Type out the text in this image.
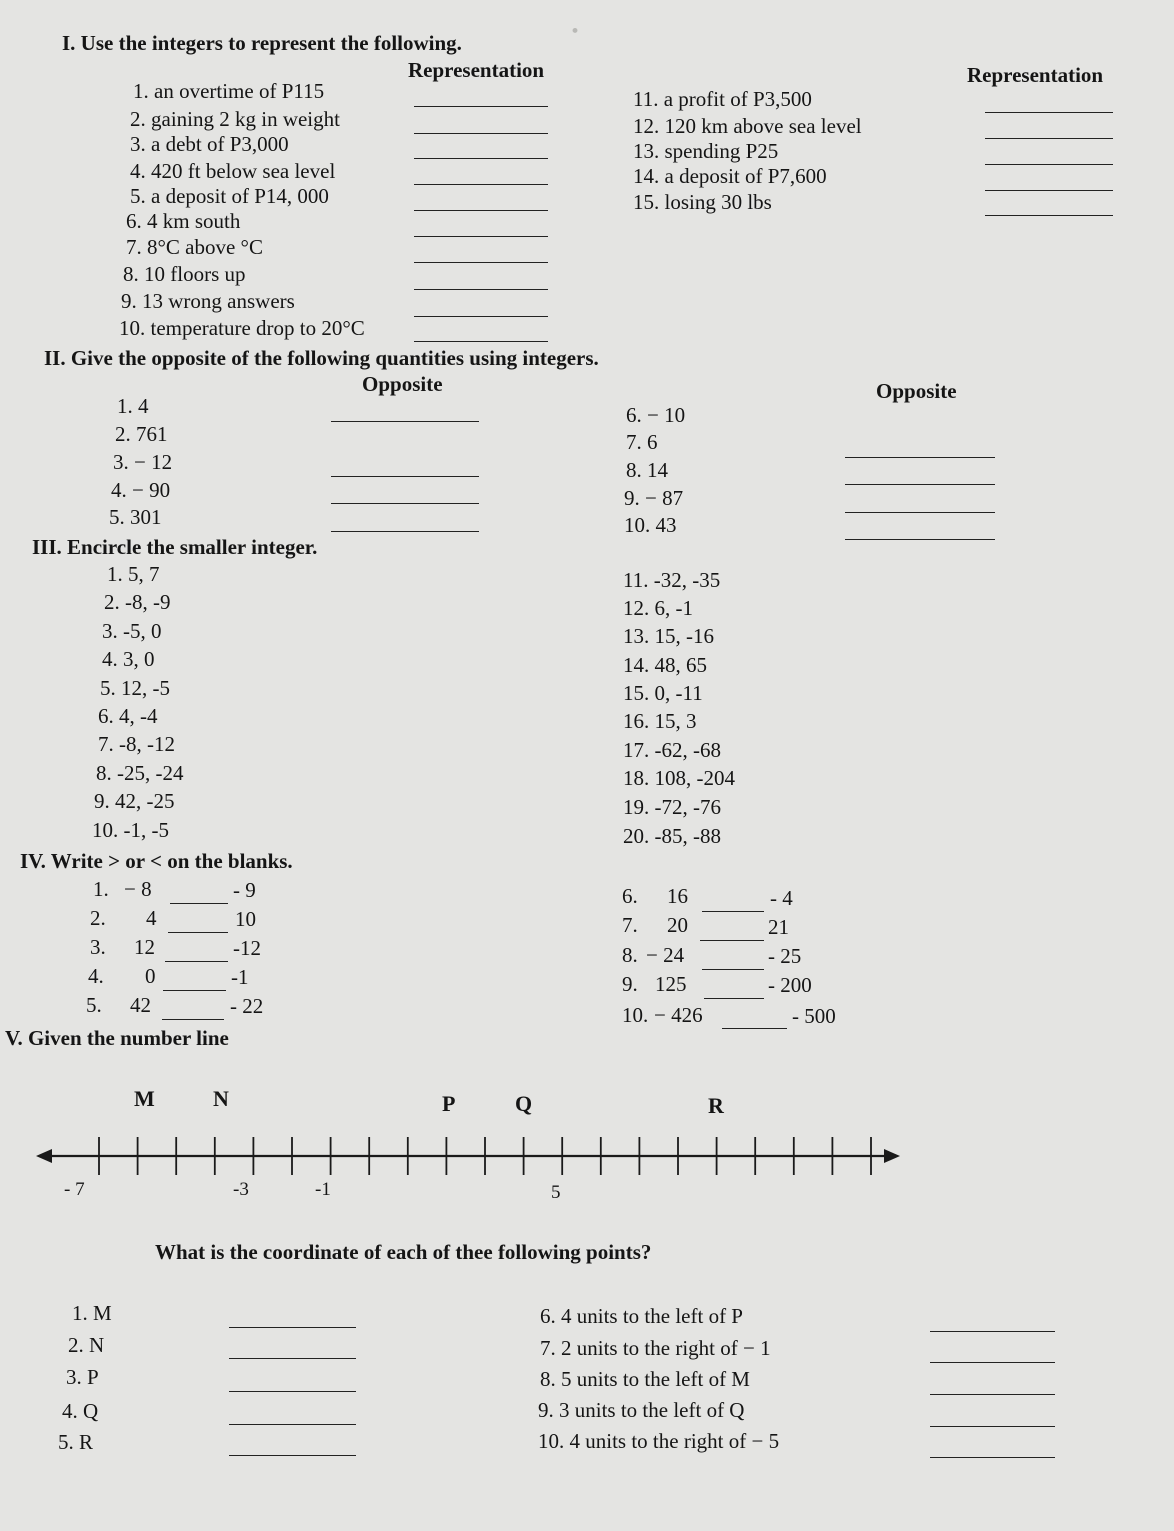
•
I. Use the integers to represent the following.
Representation	Representation
1. an overtime of P115
2. gaining 2 kg in weight
3. a debt of P3,000
4. 420 ft below sea level
5. a deposit of P14, 000
6. 4 km south
7. 8°C above °C
8. 10 floors up
9. 13 wrong answers
10. temperature drop to 20°C
11. a profit of P3,500
12. 120 km above sea level
13. spending P25
14. a deposit of P7,600
15. losing 30 lbs
II. Give the opposite of the following quantities using integers.
Opposite	Opposite
1. 4
2. 761
3. − 12
4. − 90
5. 301
6. − 10
7. 6
8. 14
9. − 87
10. 43
III. Encircle the smaller integer.
1. 5, 7
2. -8, -9
3. -5, 0
4. 3, 0
5. 12, -5
6. 4, -4
7. -8, -12
8. -25, -24
9. 42, -25
10. -1, -5
11. -32, -35
12. 6, -1
13. 15, -16
14. 48, 65
15. 0, -11
16. 15, 3
17. -62, -68
18. 108, -204
19. -72, -76
20. -85, -88
IV. Write > or < on the blanks.
1. − 8	- 9
2. 4	10
3. 12	-12
4. 0	-1
5. 42	- 22
6. 16	- 4
7. 20	21
8. − 24	- 25
9. 125	- 200
10. − 426	- 500
V. Given the number line
M	N	P	Q	R
- 7	-3	-1	5
What is the coordinate of each of thee following points?
1. M
2. N
3. P
4. Q
5. R
6. 4 units to the left of P
7. 2 units to the right of − 1
8. 5 units to the left of M
9. 3 units to the left of Q
10. 4 units to the right of − 5
